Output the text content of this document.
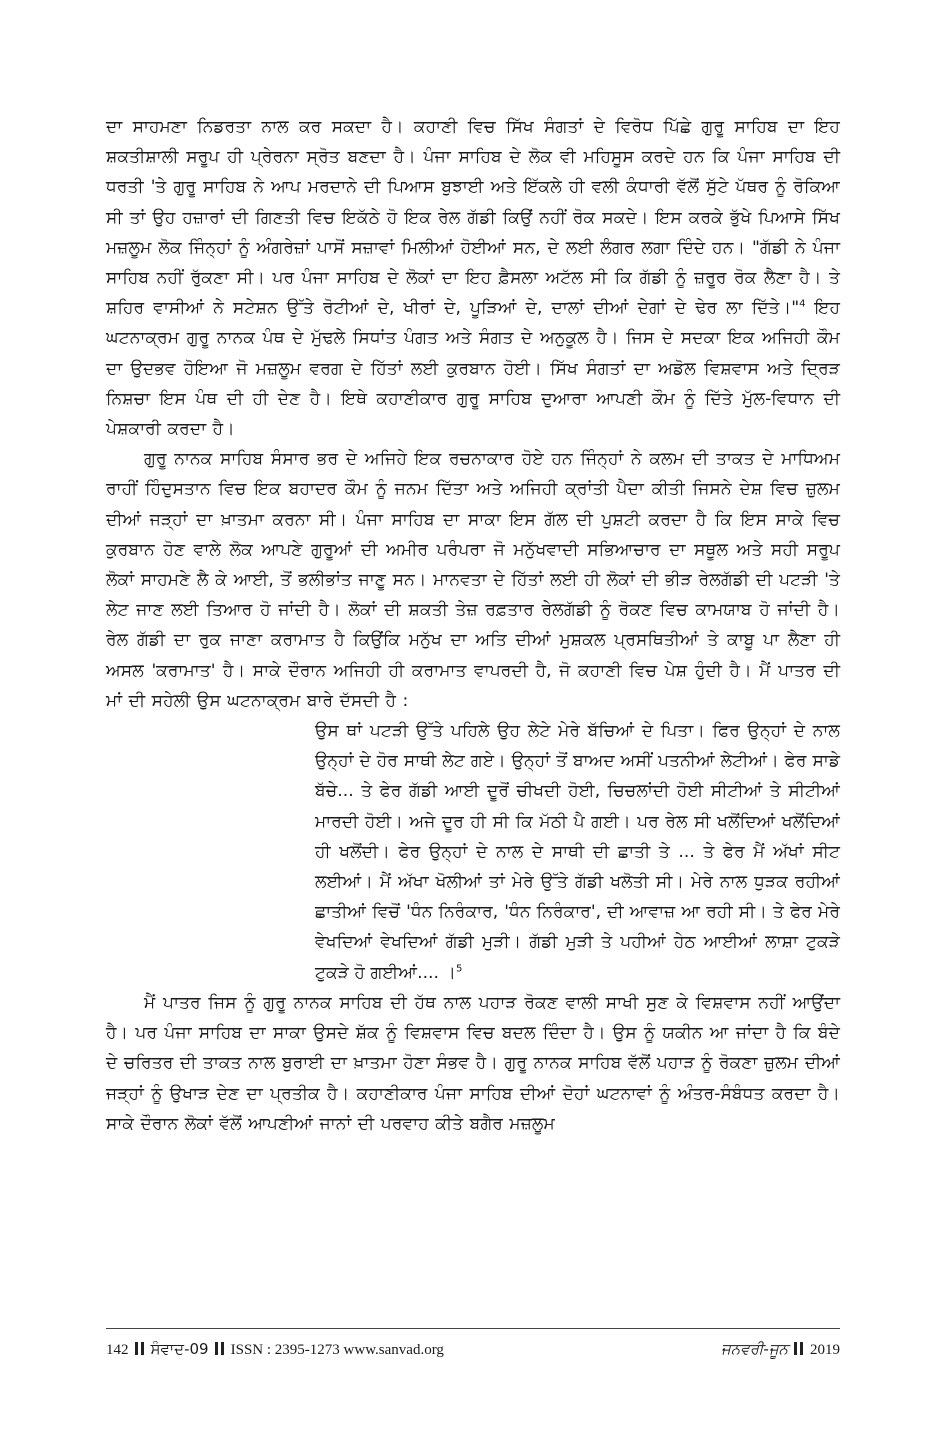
ਦਾ ਸਾਹਮਣਾ ਨਿਡਰਤਾ ਨਾਲ ਕਰ ਸਕਦਾ ਹੈ। ਕਹਾਣੀ ਵਿਚ ਸਿੱਖ ਸੰਗਤਾਂ ਦੇ ਵਿਰੋਧ ਪਿੱਛੇ ਗੁਰੂ ਸਾਹਿਬ ਦਾ ਇਹ ਸ਼ਕਤੀਸ਼ਾਲੀ ਸਰੂਪ ਹੀ ਪ੍ਰੇਰਨਾ ਸ੍ਰੋਤ ਬਣਦਾ ਹੈ। ਪੰਜਾ ਸਾਹਿਬ ਦੇ ਲੋਕ ਵੀ ਮਹਿਸੂਸ ਕਰਦੇ ਹਨ ਕਿ ਪੰਜਾ ਸਾਹਿਬ ਦੀ ਧਰਤੀ 'ਤੇ ਗੁਰੂ ਸਾਹਿਬ ਨੇ ਆਪ ਮਰਦਾਨੇ ਦੀ ਪਿਆਸ ਬੁਝਾਈ ਅਤੇ ਇੱਕਲੇ ਹੀ ਵਲੀ ਕੰਧਾਰੀ ਵੱਲੋਂ ਸੁੱਟੇ ਪੱਥਰ ਨੂੰ ਰੋਕਿਆ ਸੀ ਤਾਂ ਉਹ ਹਜ਼ਾਰਾਂ ਦੀ ਗਿਣਤੀ ਵਿਚ ਇਕੱਠੇ ਹੋ ਇਕ ਰੇਲ ਗੱਡੀ ਕਿਉਂ ਨਹੀਂ ਰੋਕ ਸਕਦੇ। ਇਸ ਕਰਕੇ ਭੁੱਖੇ ਪਿਆਸੇ ਸਿੱਖ ਮਜ਼ਲੂਮ ਲੋਕ ਜਿੰਨ੍ਹਾਂ ਨੂੰ ਅੰਗਰੇਜ਼ਾਂ ਪਾਸੋਂ ਸਜ਼ਾਵਾਂ ਮਿਲੀਆਂ ਹੋਈਆਂ ਸਨ, ਦੇ ਲਈ ਲੰਗਰ ਲਗਾ ਦਿੰਦੇ ਹਨ। "ਗੱਡੀ ਨੇ ਪੰਜਾ ਸਾਹਿਬ ਨਹੀਂ ਰੁੱਕਣਾ ਸੀ। ਪਰ ਪੰਜਾ ਸਾਹਿਬ ਦੇ ਲੋਕਾਂ ਦਾ ਇਹ ਫ਼ੈਸਲਾ ਅਟੱਲ ਸੀ ਕਿ ਗੱਡੀ ਨੂੰ ਜ਼ਰੂਰ ਰੋਕ ਲੈਣਾ ਹੈ। ਤੇ ਸ਼ਹਿਰ ਵਾਸੀਆਂ ਨੇ ਸਟੇਸ਼ਨ ਉੱਤੇ ਰੋਟੀਆਂ ਦੇ, ਖੀਰਾਂ ਦੇ, ਪੂੜਿਆਂ ਦੇ, ਦਾਲਾਂ ਦੀਆਂ ਦੇਗਾਂ ਦੇ ਢੇਰ ਲਾ ਦਿੱਤੇ।"$^4$ ਇਹ ਘਟਨਾਕ੍ਰਮ ਗੁਰੂ ਨਾਨਕ ਪੰਥ ਦੇ ਮੁੱਢਲੇ ਸਿਧਾਂਤ ਪੰਗਤ ਅਤੇ ਸੰਗਤ ਦੇ ਅਨੁਕੂਲ ਹੈ। ਜਿਸ ਦੇ ਸਦਕਾ ਇਕ ਅਜਿਹੀ ਕੌਮ ਦਾ ਉਦਭਵ ਹੋਇਆ ਜੋ ਮਜ਼ਲੂਮ ਵਰਗ ਦੇ ਹਿੱਤਾਂ ਲਈ ਕੁਰਬਾਨ ਹੋਈ। ਸਿੱਖ ਸੰਗਤਾਂ ਦਾ ਅਡੋਲ ਵਿਸ਼ਵਾਸ ਅਤੇ ਦ੍ਰਿੜ ਨਿਸ਼ਚਾ ਇਸ ਪੰਥ ਦੀ ਹੀ ਦੇਣ ਹੈ। ਇਥੇ ਕਹਾਣੀਕਾਰ ਗੁਰੂ ਸਾਹਿਬ ਦੁਆਰਾ ਆਪਣੀ ਕੌਮ ਨੂੰ ਦਿੱਤੇ ਮੁੱਲ-ਵਿਧਾਨ ਦੀ ਪੇਸ਼ਕਾਰੀ ਕਰਦਾ ਹੈ।

ਗੁਰੂ ਨਾਨਕ ਸਾਹਿਬ ਸੰਸਾਰ ਭਰ ਦੇ ਅਜਿਹੇ ਇਕ ਰਚਨਾਕਾਰ ਹੋਏ ਹਨ ਜਿੰਨ੍ਹਾਂ ਨੇ ਕਲਮ ਦੀ ਤਾਕਤ ਦੇ ਮਾਧਿਅਮ ਰਾਹੀਂ ਹਿੰਦੁਸਤਾਨ ਵਿਚ ਇਕ ਬਹਾਦਰ ਕੌਮ ਨੂੰ ਜਨਮ ਦਿੱਤਾ ਅਤੇ ਅਜਿਹੀ ਕ੍ਰਾਂਤੀ ਪੈਦਾ ਕੀਤੀ ਜਿਸਨੇ ਦੇਸ਼ ਵਿਚ ਜ਼ੁਲਮ ਦੀਆਂ ਜੜ੍ਹਾਂ ਦਾ ਖ਼ਾਤਮਾ ਕਰਨਾ ਸੀ। ਪੰਜਾ ਸਾਹਿਬ ਦਾ ਸਾਕਾ ਇਸ ਗੱਲ ਦੀ ਪੁਸ਼ਟੀ ਕਰਦਾ ਹੈ ਕਿ ਇਸ ਸਾਕੇ ਵਿਚ ਕੁਰਬਾਨ ਹੋਣ ਵਾਲੇ ਲੋਕ ਆਪਣੇ ਗੁਰੂਆਂ ਦੀ ਅਮੀਰ ਪਰੰਪਰਾ ਜੋ ਮਨੁੱਖਵਾਦੀ ਸਭਿਆਚਾਰ ਦਾ ਸਥੂਲ ਅਤੇ ਸਹੀ ਸਰੂਪ ਲੋਕਾਂ ਸਾਹਮਣੇ ਲੈ ਕੇ ਆਈ, ਤੋਂ ਭਲੀਭਾਂਤ ਜਾਣੂ ਸਨ। ਮਾਨਵਤਾ ਦੇ ਹਿੱਤਾਂ ਲਈ ਹੀ ਲੋਕਾਂ ਦੀ ਭੀੜ ਰੇਲਗੱਡੀ ਦੀ ਪਟੜੀ 'ਤੇ ਲੇਟ ਜਾਣ ਲਈ ਤਿਆਰ ਹੋ ਜਾਂਦੀ ਹੈ। ਲੋਕਾਂ ਦੀ ਸ਼ਕਤੀ ਤੇਜ਼ ਰਫ਼ਤਾਰ ਰੇਲਗੱਡੀ ਨੂੰ ਰੋਕਣ ਵਿਚ ਕਾਮਯਾਬ ਹੋ ਜਾਂਦੀ ਹੈ। ਰੇਲ ਗੱਡੀ ਦਾ ਰੁਕ ਜਾਣਾ ਕਰਾਮਾਤ ਹੈ ਕਿਉਂਕਿ ਮਨੁੱਖ ਦਾ ਅਤਿ ਦੀਆਂ ਮੁਸ਼ਕਲ ਪ੍ਰਸਥਿਤੀਆਂ ਤੇ ਕਾਬੂ ਪਾ ਲੈਣਾ ਹੀ ਅਸਲ 'ਕਰਾਮਾਤ' ਹੈ। ਸਾਕੇ ਦੌਰਾਨ ਅਜਿਹੀ ਹੀ ਕਰਾਮਾਤ ਵਾਪਰਦੀ ਹੈ, ਜੋ ਕਹਾਣੀ ਵਿਚ ਪੇਸ਼ ਹੁੰਦੀ ਹੈ। ਮੈਂ ਪਾਤਰ ਦੀ ਮਾਂ ਦੀ ਸਹੇਲੀ ਉਸ ਘਟਨਾਕ੍ਰਮ ਬਾਰੇ ਦੱਸਦੀ ਹੈ :

ਉਸ ਥਾਂ ਪਟੜੀ ਉੱਤੇ ਪਹਿਲੇ ਉਹ ਲੇਟੇ ਮੇਰੇ ਬੱਚਿਆਂ ਦੇ ਪਿਤਾ। ਫਿਰ ਉਨ੍ਹਾਂ ਦੇ ਨਾਲ ਉਨ੍ਹਾਂ ਦੇ ਹੋਰ ਸਾਥੀ ਲੇਟ ਗਏ। ਉਨ੍ਹਾਂ ਤੋਂ ਬਾਅਦ ਅਸੀਂ ਪਤਨੀਆਂ ਲੇਟੀਆਂ। ਫੇਰ ਸਾਡੇ ਬੱਚੇ... ਤੇ ਫੇਰ ਗੱਡੀ ਆਈ ਦੂਰੋਂ ਚੀਖਦੀ ਹੋਈ, ਚਿਚਲਾਂਦੀ ਹੋਈ ਸੀਟੀਆਂ ਤੇ ਸੀਟੀਆਂ ਮਾਰਦੀ ਹੋਈ। ਅਜੇ ਦੂਰ ਹੀ ਸੀ ਕਿ ਮੱਠੀ ਪੈ ਗਈ। ਪਰ ਰੇਲ ਸੀ ਖਲੋਂਦਿਆਂ ਖਲੋਂਦਿਆਂ ਹੀ ਖਲੋਂਦੀ। ਫੇਰ ਉਨ੍ਹਾਂ ਦੇ ਨਾਲ ਦੇ ਸਾਥੀ ਦੀ ਛਾਤੀ ਤੇ ... ਤੇ ਫੇਰ ਮੈਂ ਅੱਖਾਂ ਸੀਟ ਲਈਆਂ। ਮੈਂ ਅੱਖਾ ਖੋਲੀਆਂ ਤਾਂ ਮੇਰੇ ਉੱਤੇ ਗੱਡੀ ਖਲੋਤੀ ਸੀ। ਮੇਰੇ ਨਾਲ ਧੁੜਕ ਰਹੀਆਂ ਛਾਤੀਆਂ ਵਿਚੋਂ 'ਧੰਨ ਨਿਰੰਕਾਰ, 'ਧੰਨ ਨਿਰੰਕਾਰ', ਦੀ ਆਵਾਜ਼ ਆ ਰਹੀ ਸੀ। ਤੇ ਫੇਰ ਮੇਰੇ ਵੇਖਦਿਆਂ ਵੇਖਦਿਆਂ ਗੱਡੀ ਮੁੜੀ। ਗੱਡੀ ਮੁੜੀ ਤੇ ਪਹੀਆਂ ਹੇਠ ਆਈਆਂ ਲਾਸ਼ਾ ਟੁਕੜੇ ਟੁਕੜੇ ਹੋ ਗਈਆਂ.... ।$^5$

ਮੈਂ ਪਾਤਰ ਜਿਸ ਨੂੰ ਗੁਰੂ ਨਾਨਕ ਸਾਹਿਬ ਦੀ ਹੱਥ ਨਾਲ ਪਹਾੜ ਰੋਕਣ ਵਾਲੀ ਸਾਖੀ ਸੁਣ ਕੇ ਵਿਸ਼ਵਾਸ ਨਹੀਂ ਆਉਂਦਾ ਹੈ। ਪਰ ਪੰਜਾ ਸਾਹਿਬ ਦਾ ਸਾਕਾ ਉਸਦੇ ਸ਼ੱਕ ਨੂੰ ਵਿਸ਼ਵਾਸ ਵਿਚ ਬਦਲ ਦਿੰਦਾ ਹੈ। ਉਸ ਨੂੰ ਯਕੀਨ ਆ ਜਾਂਦਾ ਹੈ ਕਿ ਬੰਦੇ ਦੇ ਚਰਿਤਰ ਦੀ ਤਾਕਤ ਨਾਲ ਬੁਰਾਈ ਦਾ ਖ਼ਾਤਮਾ ਹੋਣਾ ਸੰਭਵ ਹੈ। ਗੁਰੂ ਨਾਨਕ ਸਾਹਿਬ ਵੱਲੋਂ ਪਹਾੜ ਨੂੰ ਰੋਕਣਾ ਜ਼ੁਲਮ ਦੀਆਂ ਜੜ੍ਹਾਂ ਨੂੰ ਉਖਾੜ ਦੇਣ ਦਾ ਪ੍ਰਤੀਕ ਹੈ। ਕਹਾਣੀਕਾਰ ਪੰਜਾ ਸਾਹਿਬ ਦੀਆਂ ਦੋਹਾਂ ਘਟਨਾਵਾਂ ਨੂੰ ਅੰਤਰ-ਸੰਬੰਧਤ ਕਰਦਾ ਹੈ। ਸਾਕੇ ਦੌਰਾਨ ਲੋਕਾਂ ਵੱਲੋਂ ਆਪਣੀਆਂ ਜਾਨਾਂ ਦੀ ਪਰਵਾਹ ਕੀਤੇ ਬਗੈਰ ਮਜ਼ਲੂਮ

142 ਸੰਵਾਦ-09 ISSN : 2395-1273 www.sanvad.org	ਜਨਵਰੀ-ਜੂਨ 2019
